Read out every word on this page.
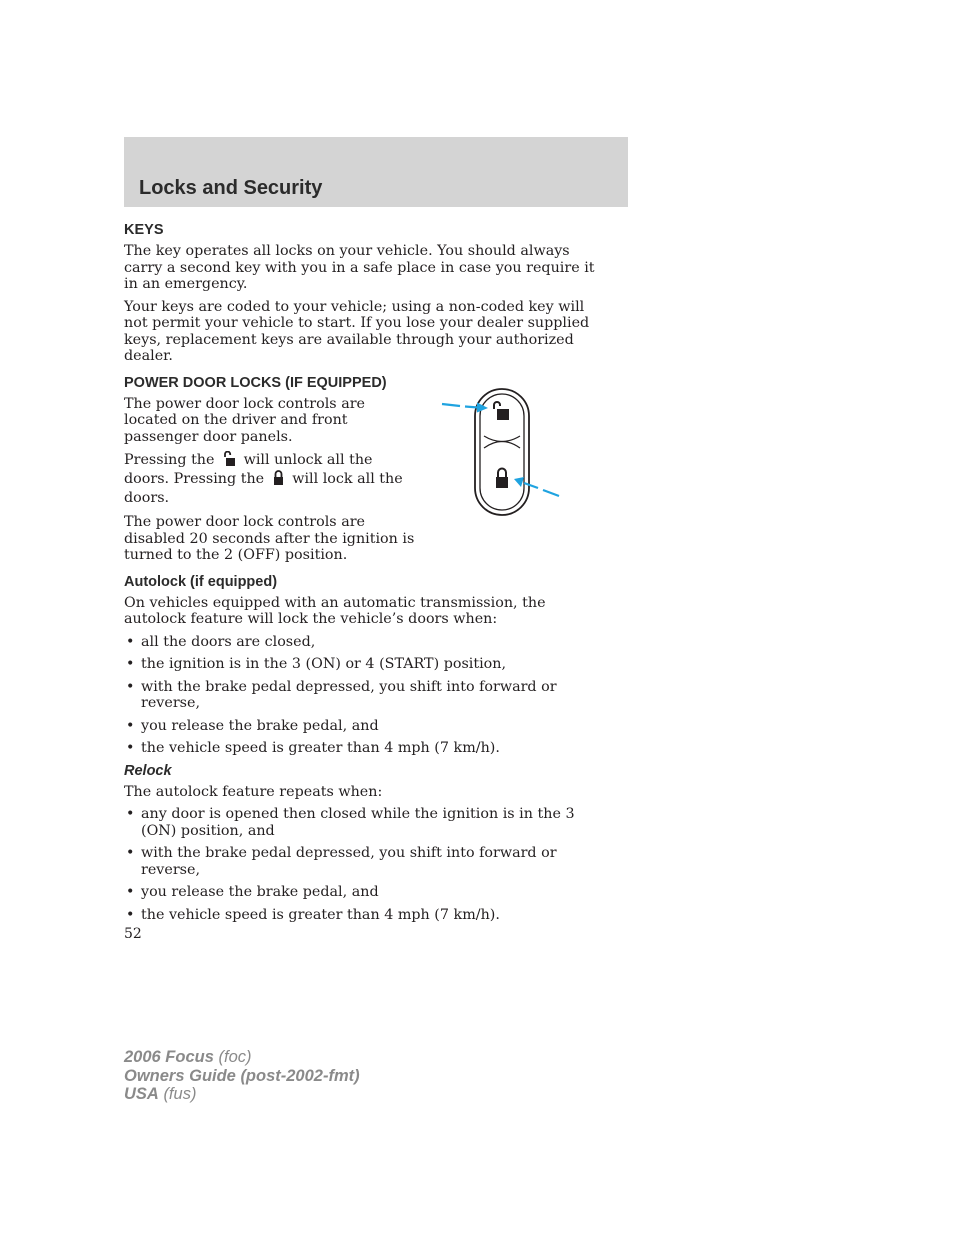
Locks and Security
KEYS

The key operates all locks on your vehicle. You should always carry a second key with you in a safe place in case you require it in an emergency.

Your keys are coded to your vehicle; using a non-coded key will not permit your vehicle to start. If you lose your dealer supplied keys, replacement keys are available through your authorized dealer.

POWER DOOR LOCKS (IF EQUIPPED)

The power door lock controls are located on the driver and front passenger door panels.

Pressing the will unlock all the doors. Pressing the will lock all the doors.

The power door lock controls are disabled 20 seconds after the ignition is turned to the 2 (OFF) position.

Autolock (if equipped)

On vehicles equipped with an automatic transmission, the autolock feature will lock the vehicle’s doors when:

• all the doors are closed,
• the ignition is in the 3 (ON) or 4 (START) position,
• with the brake pedal depressed, you shift into forward or reverse,
• you release the brake pedal, and
• the vehicle speed is greater than 4 mph (7 km/h).
Relock

The autolock feature repeats when:

• any door is opened then closed while the ignition is in the 3 (ON) position, and
• with the brake pedal depressed, you shift into forward or reverse,
• you release the brake pedal, and
• the vehicle speed is greater than 4 mph (7 km/h).

52

2006 Focus (foc)
Owners Guide (post-2002-fmt)
USA (fus)
